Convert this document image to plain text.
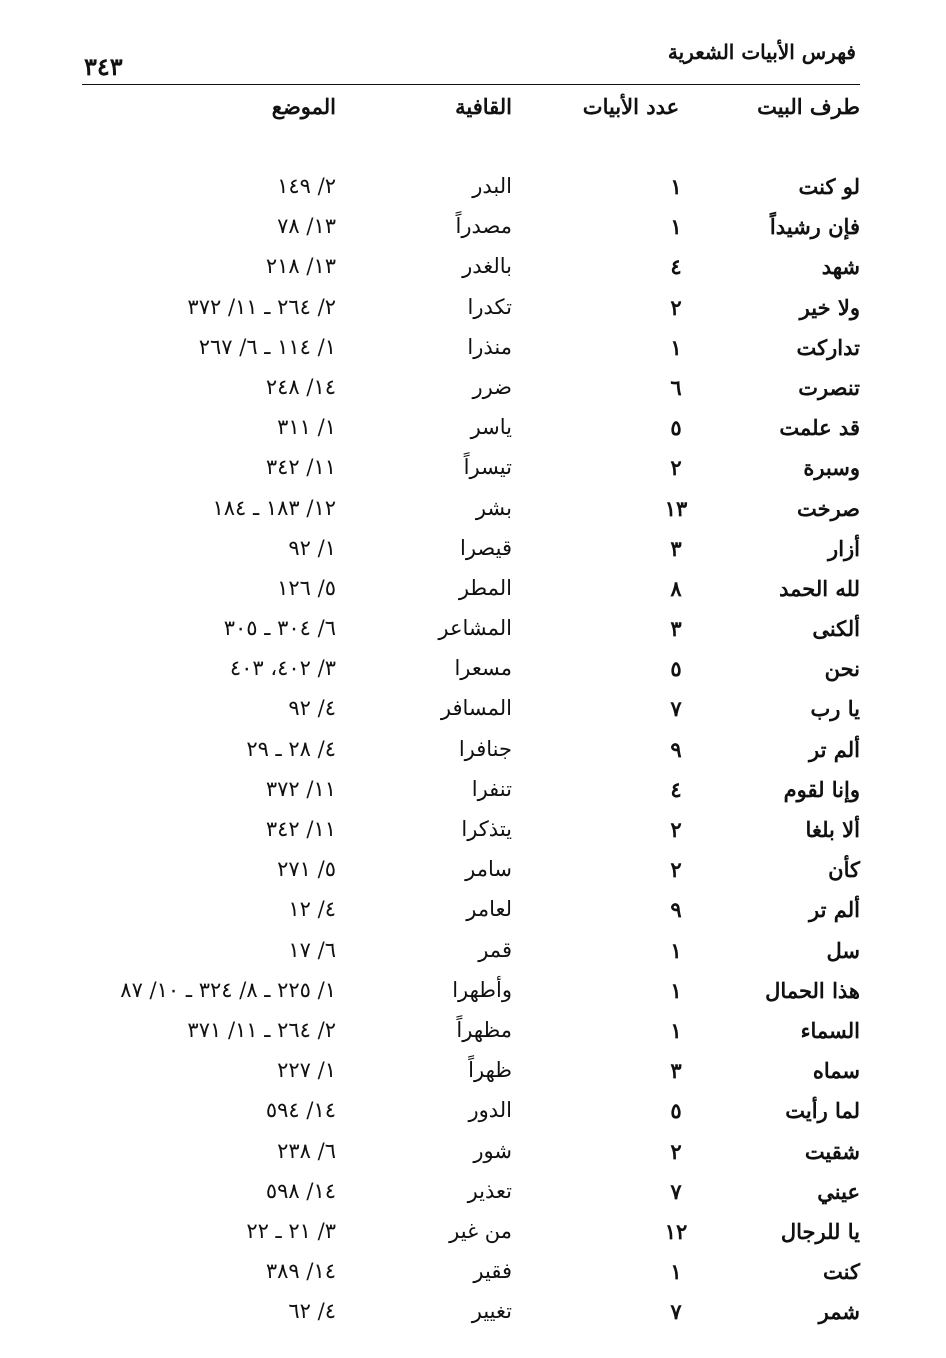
فهرس الأبيات الشعرية
٣٤٣
طرف البيت
عدد الأبيات
القافية
الموضع
لو كنت
١
البدر
٢/ ١٤٩
فإن رشيداً
١
مصدراً
١٣/ ٧٨
شهد
٤
بالغدر
١٣/ ٢١٨
ولا خير
٢
تكدرا
٢/ ٢٦٤ ـ ١١/ ٣٧٢
تداركت
١
منذرا
١/ ١١٤ ـ ٦/ ٢٦٧
تنصرت
٦
ضرر
١٤/ ٢٤٨
قد علمت
٥
ياسر
١/ ٣١١
وسبرة
٢
تيسراً
١١/ ٣٤٢
صرخت
١٣
بشر
١٢/ ١٨٣ ـ ١٨٤
أزار
٣
قيصرا
١/ ٩٢
لله الحمد
٨
المطر
٥/ ١٢٦
ألكنى
٣
المشاعر
٦/ ٣٠٤ ـ ٣٠٥
نحن
٥
مسعرا
٣/ ٤٠٢، ٤٠٣
يا رب
٧
المسافر
٤/ ٩٢
ألم تر
٩
جنافرا
٤/ ٢٨ ـ ٢٩
وإنا لقوم
٤
تنفرا
١١/ ٣٧٢
ألا بلغا
٢
يتذكرا
١١/ ٣٤٢
كأن
٢
سامر
٥/ ٢٧١
ألم تر
٩
لعامر
٤/ ١٢
سل
١
قمر
٦/ ١٧
هذا الحمال
١
وأطهرا
١/ ٢٢٥ ـ ٨/ ٣٢٤ ـ ١٠/ ٨٧
السماء
١
مظهراً
٢/ ٢٦٤ ـ ١١/ ٣٧١
سماه
٣
ظهراً
١/ ٢٢٧
لما رأيت
٥
الدور
١٤/ ٥٩٤
شقيت
٢
شور
٦/ ٢٣٨
عيني
٧
تعذير
١٤/ ٥٩٨
يا للرجال
١٢
من غير
٣/ ٢١ ـ ٢٢
كنت
١
فقير
١٤/ ٣٨٩
شمر
٧
تغيير
٤/ ٦٢
